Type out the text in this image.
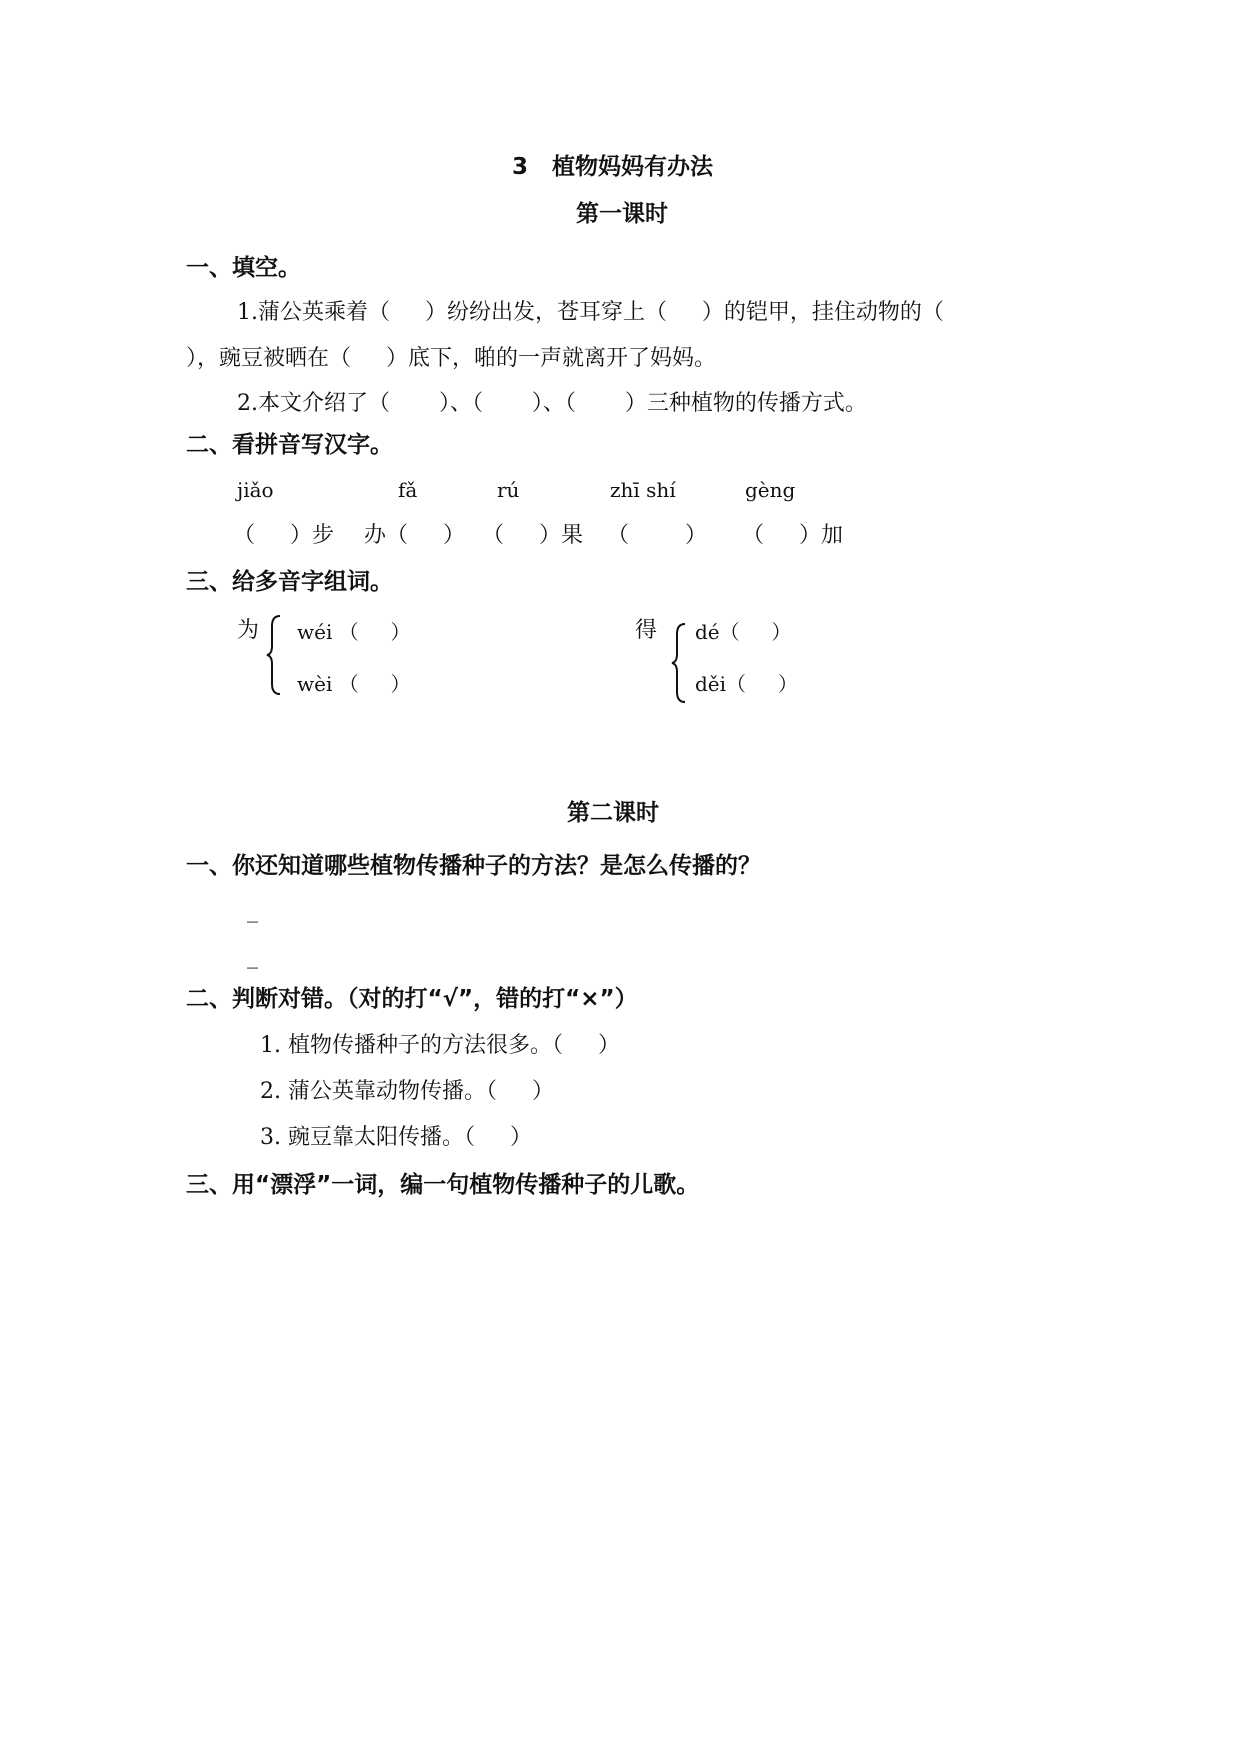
3   植物妈妈有办法
第一课时
一、填空。
1.蒲公英乘着（     ）纷纷出发，苍耳穿上（     ）的铠甲，挂住动物的（
），豌豆被晒在（     ）底下，啪的一声就离开了妈妈。
2.本文介绍了（       ）、（       ）、（       ）三种植物的传播方式。
二、看拼音写汉字。
jiǎo	fǎ	rú	zhī shí	gèng
（     ）步 办（     ） （     ）果 （        ） （     ）加
三、给多音字组词。
为 wéi （     ）
wèi （     ）
得 dé（     ）
děi（     ）
第二课时
一、你还知道哪些植物传播种子的方法？是怎么传播的？
_
_
二、判断对错。（对的打“√”，错的打“×”）
1. 植物传播种子的方法很多。（     ）
2. 蒲公英靠动物传播。（     ）
3. 豌豆靠太阳传播。（     ）
三、用“漂浮”一词，编一句植物传播种子的儿歌。
